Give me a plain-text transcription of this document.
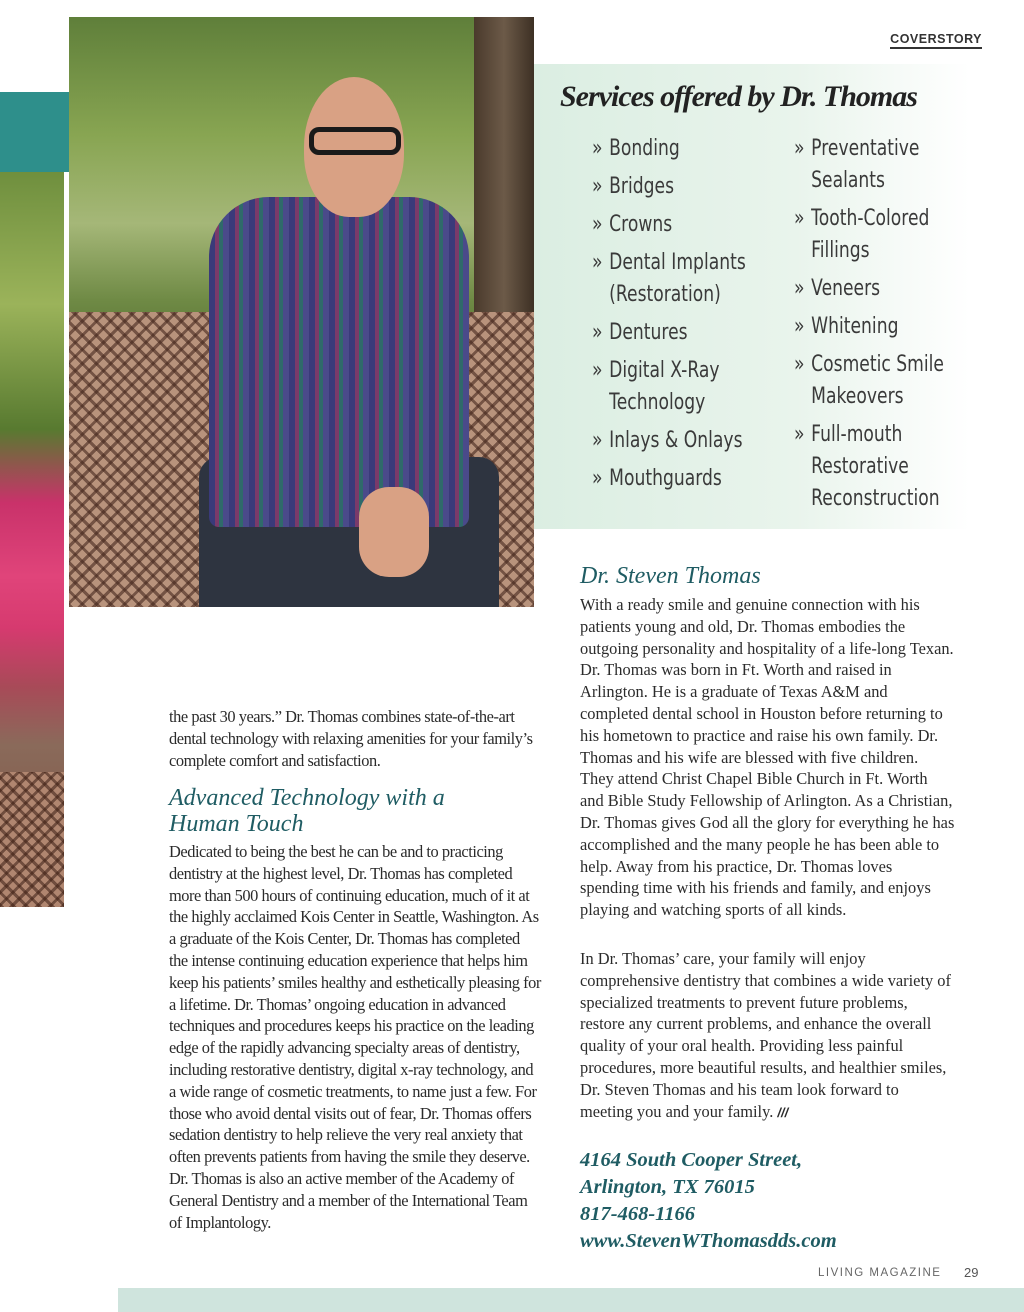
COVERSTORY
Services offered by Dr. Thomas
» Bonding
» Bridges
» Crowns
» Dental Implants
(Restoration)
» Dentures
» Digital X-Ray
Technology
» Inlays & Onlays
» Mouthguards
» Preventative
Sealants
» Tooth-Colored
Fillings
» Veneers
» Whitening
» Cosmetic Smile
Makeovers
» Full-mouth
Restorative
Reconstruction

the past 30 years.” Dr. Thomas combines state-of-the-art dental technology with relaxing amenities for your family’s complete comfort and satisfaction.

Advanced Technology with a
Human Touch

Dedicated to being the best he can be and to practicing dentistry at the highest level, Dr. Thomas has completed more than 500 hours of continuing education, much of it at the highly acclaimed Kois Center in Seattle, Washington. As a graduate of the Kois Center, Dr. Thomas has completed the intense continuing education experience that helps him keep his patients’ smiles healthy and esthetically pleasing for a lifetime. Dr. Thomas’ ongoing education in advanced techniques and procedures keeps his practice on the leading edge of the rapidly advancing specialty areas of dentistry, including restorative dentistry, digital x-ray technology, and a wide range of cosmetic treatments, to name just a few. For those who avoid dental visits out of fear, Dr. Thomas offers sedation dentistry to help relieve the very real anxiety that often prevents patients from having the smile they deserve. Dr. Thomas is also an active member of the Academy of General Dentistry and a member of the International Team of Implantology.

Dr. Steven Thomas

With a ready smile and genuine connection with his patients young and old, Dr. Thomas embodies the outgoing personality and hospitality of a life-long Texan. Dr. Thomas was born in Ft. Worth and raised in Arlington. He is a graduate of Texas A&M and completed dental school in Houston before returning to his hometown to practice and raise his own family. Dr. Thomas and his wife are blessed with five children. They attend Christ Chapel Bible Church in Ft. Worth and Bible Study Fellowship of Arlington. As a Christian, Dr. Thomas gives God all the glory for everything he has accomplished and the many people he has been able to help. Away from his practice, Dr. Thomas loves spending time with his friends and family, and enjoys playing and watching sports of all kinds.

In Dr. Thomas’ care, your family will enjoy comprehensive dentistry that combines a wide variety of specialized treatments to prevent future problems, restore any current problems, and enhance the overall quality of your oral health. Providing less painful procedures, more beautiful results, and healthier smiles, Dr. Steven Thomas and his team look forward to meeting you and your family. ///

4164 South Cooper Street,
Arlington, TX 76015
817-468-1166
www.StevenWThomasdds.com
LIVING MAGAZINE 29
